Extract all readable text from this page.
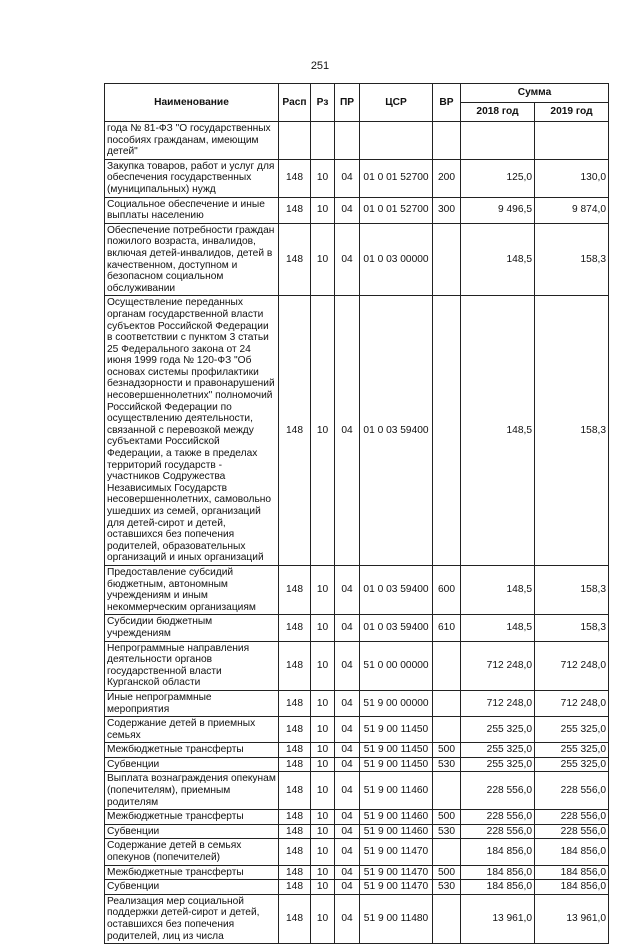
251
Наименование	Расп	Рз	ПР	ЦСР	ВР	Сумма	
						2018 год	2019 год
года № 81-ФЗ "О государственных пособиях гражданам, имеющим детей"							
Закупка товаров, работ и услуг для обеспечения государственных (муниципальных) нужд	148	10	04	01 0 01 52700	200	125,0	130,0
Социальное обеспечение и иные выплаты населению	148	10	04	01 0 01 52700	300	9 496,5	9 874,0
Обеспечение потребности граждан пожилого возраста, инвалидов, включая детей-инвалидов, детей в качественном, доступном и безопасном социальном обслуживании	148	10	04	01 0 03 00000		148,5	158,3
Осуществление переданных органам государственной власти субъектов Российской Федерации в соответствии с пунктом 3 статьи 25 Федерального закона от 24 июня 1999 года № 120-ФЗ "Об основах системы профилактики безнадзорности и правонарушений несовершеннолетних" полномочий Российской Федерации по осуществлению деятельности, связанной с перевозкой между субъектами Российской Федерации, а также в пределах территорий государств - участников Содружества Независимых Государств несовершеннолетних, самовольно ушедших из семей, организаций для детей-сирот и детей, оставшихся без попечения родителей, образовательных организаций и иных организаций	148	10	04	01 0 03 59400		148,5	158,3
Предоставление субсидий бюджетным, автономным учреждениям и иным некоммерческим организациям	148	10	04	01 0 03 59400	600	148,5	158,3
Субсидии бюджетным учреждениям	148	10	04	01 0 03 59400	610	148,5	158,3
Непрограммные направления деятельности органов государственной власти Курганской области	148	10	04	51 0 00 00000		712 248,0	712 248,0
Иные непрограммные мероприятия	148	10	04	51 9 00 00000		712 248,0	712 248,0
Содержание детей в приемных семьях	148	10	04	51 9 00 11450		255 325,0	255 325,0
Межбюджетные трансферты	148	10	04	51 9 00 11450	500	255 325,0	255 325,0
Субвенции	148	10	04	51 9 00 11450	530	255 325,0	255 325,0
Выплата вознаграждения опекунам (попечителям), приемным родителям	148	10	04	51 9 00 11460		228 556,0	228 556,0
Межбюджетные трансферты	148	10	04	51 9 00 11460	500	228 556,0	228 556,0
Субвенции	148	10	04	51 9 00 11460	530	228 556,0	228 556,0
Содержание детей в семьях опекунов (попечителей)	148	10	04	51 9 00 11470		184 856,0	184 856,0
Межбюджетные трансферты	148	10	04	51 9 00 11470	500	184 856,0	184 856,0
Субвенции	148	10	04	51 9 00 11470	530	184 856,0	184 856,0
Реализация мер социальной поддержки детей-сирот и детей, оставшихся без попечения родителей, лиц из числа	148	10	04	51 9 00 11480		13 961,0	13 961,0
